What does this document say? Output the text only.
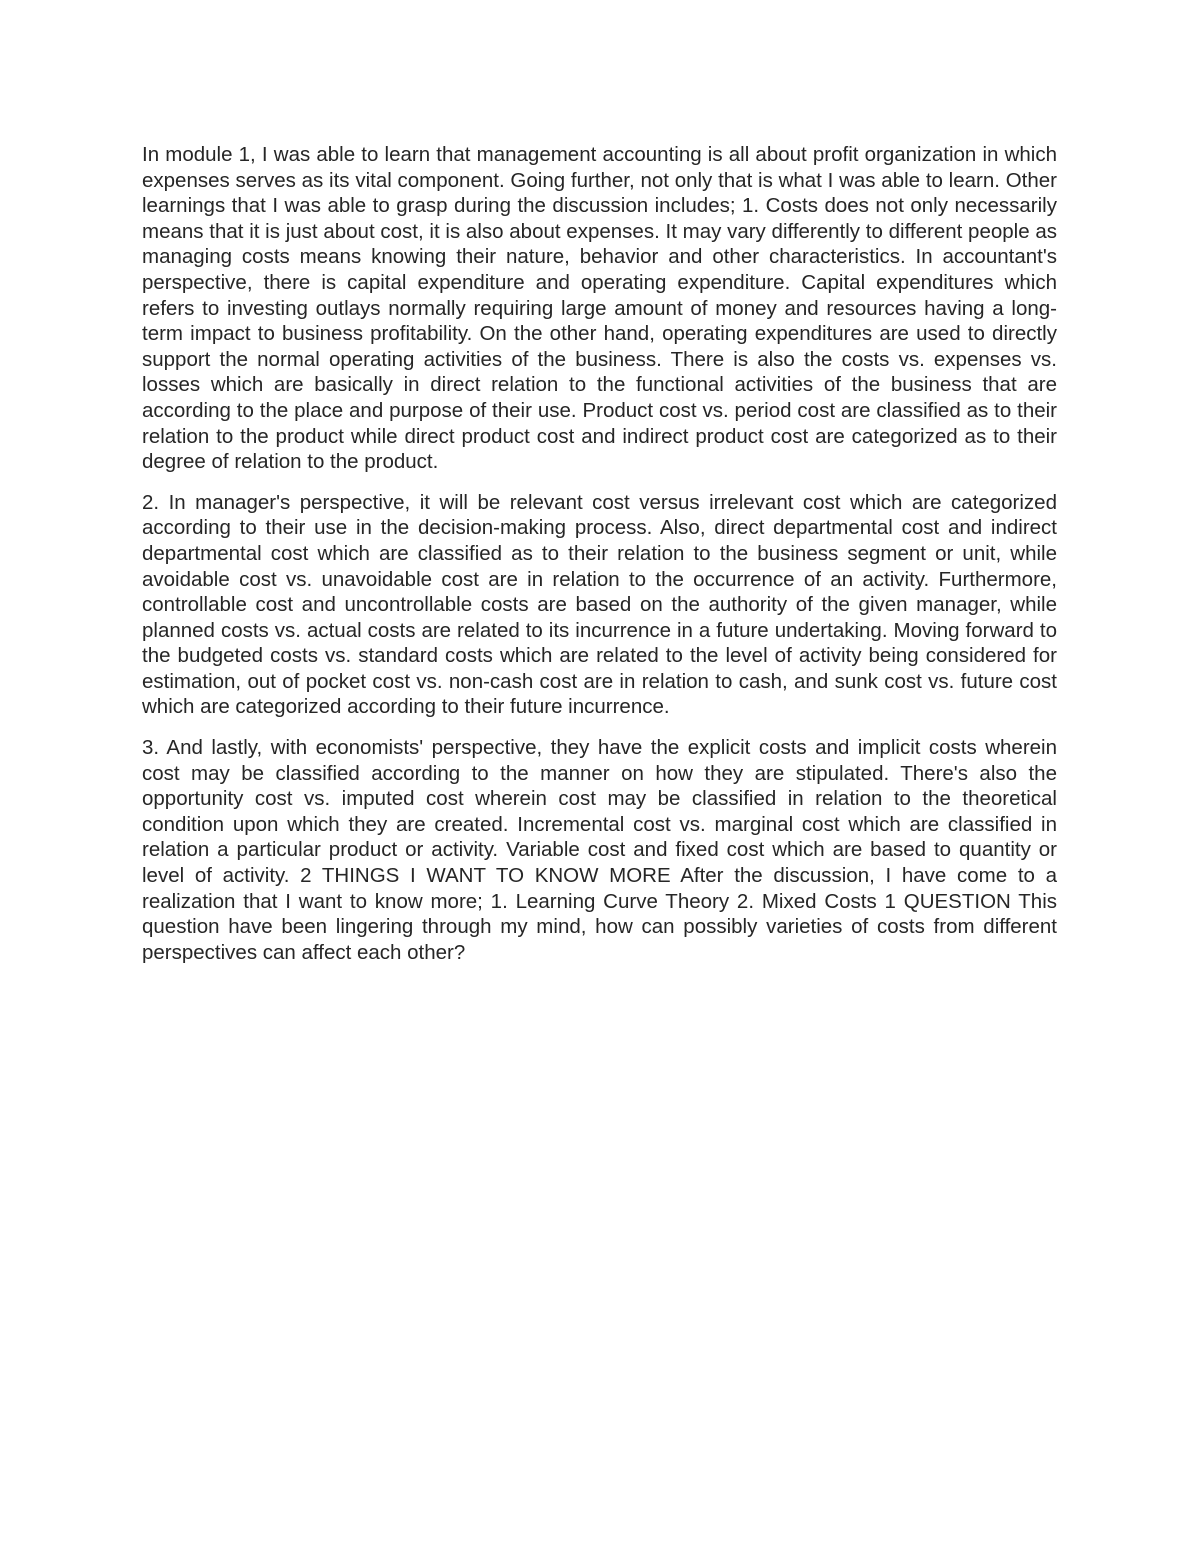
In module 1, I was able to learn that management accounting is all about profit organization in which expenses serves as its vital component. Going further, not only that is what I was able to learn. Other learnings that I was able to grasp during the discussion includes; 1. Costs does not only necessarily means that it is just about cost, it is also about expenses. It may vary differently to different people as managing costs means knowing their nature, behavior and other characteristics. In accountant's perspective, there is capital expenditure and operating expenditure. Capital expenditures which refers to investing outlays normally requiring large amount of money and resources having a long-term impact to business profitability. On the other hand, operating expenditures are used to directly support the normal operating activities of the business. There is also the costs vs. expenses vs. losses which are basically in direct relation to the functional activities of the business that are according to the place and purpose of their use. Product cost vs. period cost are classified as to their relation to the product while direct product cost and indirect product cost are categorized as to their degree of relation to the product.

2. In manager's perspective, it will be relevant cost versus irrelevant cost which are categorized according to their use in the decision-making process. Also, direct departmental cost and indirect departmental cost which are classified as to their relation to the business segment or unit, while avoidable cost vs. unavoidable cost are in relation to the occurrence of an activity. Furthermore, controllable cost and uncontrollable costs are based on the authority of the given manager, while planned costs vs. actual costs are related to its incurrence in a future undertaking. Moving forward to the budgeted costs vs. standard costs which are related to the level of activity being considered for estimation, out of pocket cost vs. non-cash cost are in relation to cash, and sunk cost vs. future cost which are categorized according to their future incurrence.

3. And lastly, with economists' perspective, they have the explicit costs and implicit costs wherein cost may be classified according to the manner on how they are stipulated. There's also the opportunity cost vs. imputed cost wherein cost may be classified in relation to the theoretical condition upon which they are created. Incremental cost vs. marginal cost which are classified in relation a particular product or activity. Variable cost and fixed cost which are based to quantity or level of activity. 2 THINGS I WANT TO KNOW MORE After the discussion, I have come to a realization that I want to know more; 1. Learning Curve Theory 2. Mixed Costs 1 QUESTION This question have been lingering through my mind, how can possibly varieties of costs from different perspectives can affect each other?
